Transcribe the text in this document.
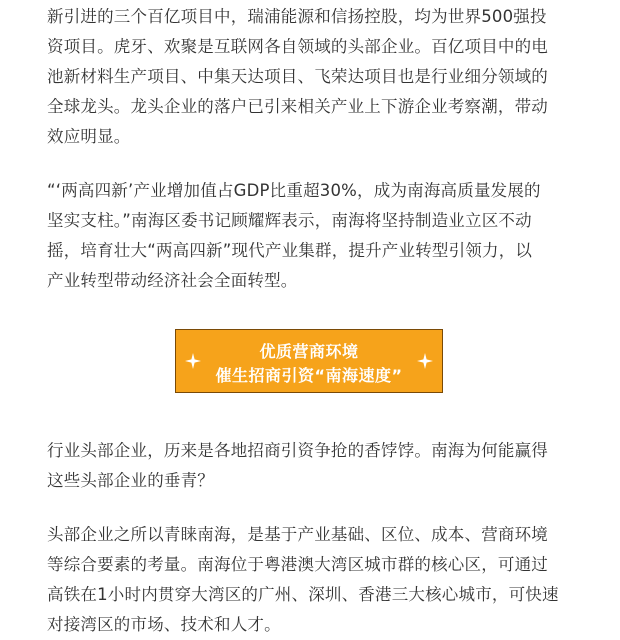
新引进的三个百亿项目中，瑞浦能源和信扬控股，均为世界500强投
资项目。虎牙、欢聚是互联网各自领域的头部企业。百亿项目中的电
池新材料生产项目、中集天达项目、飞荣达项目也是行业细分领域的
全球龙头。龙头企业的落户已引来相关产业上下游企业考察潮，带动
效应明显。

“‘两高四新’产业增加值占GDP比重超30%，成为南海高质量发展的
坚实支柱。”南海区委书记顾耀辉表示，南海将坚持制造业立区不动
摇，培育壮大“两高四新”现代产业集群，提升产业转型引领力，以
产业转型带动经济社会全面转型。

优质营商环境
催生招商引资“南海速度”

行业头部企业，历来是各地招商引资争抢的香饽饽。南海为何能赢得
这些头部企业的垂青？

头部企业之所以青睐南海，是基于产业基础、区位、成本、营商环境
等综合要素的考量。南海位于粤港澳大湾区城市群的核心区，可通过
高铁在1小时内贯穿大湾区的广州、深圳、香港三大核心城市，可快速
对接湾区的市场、技术和人才。
